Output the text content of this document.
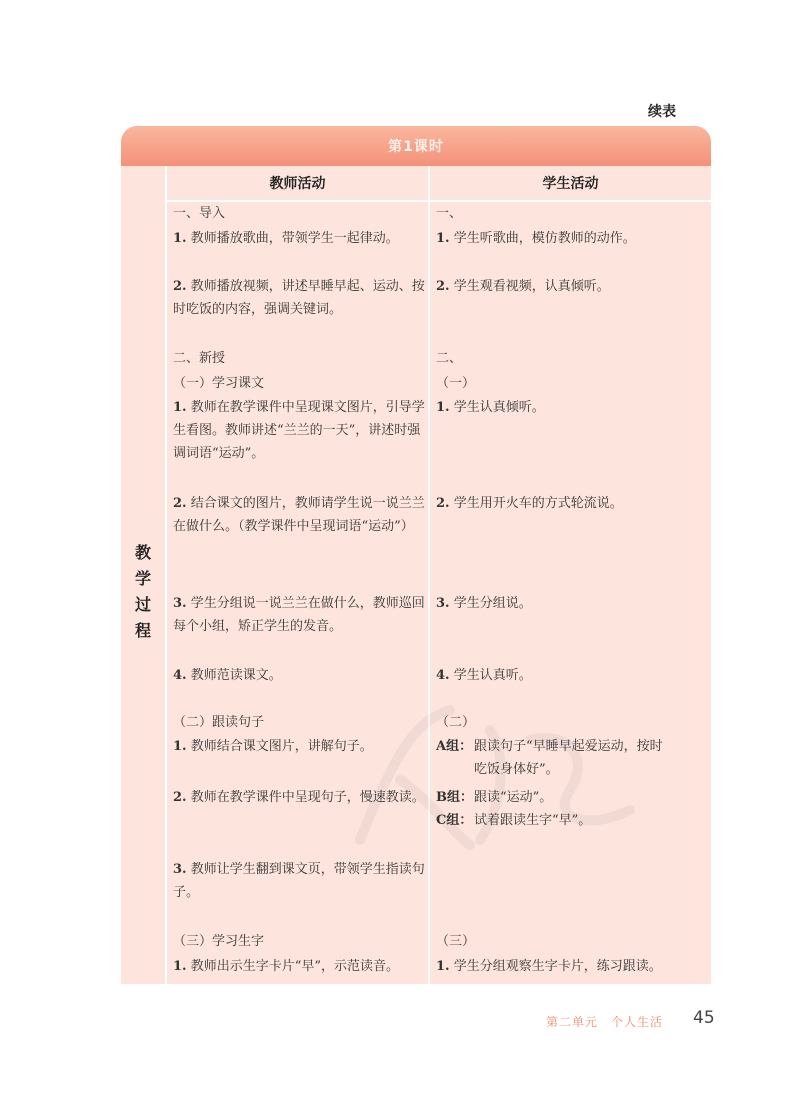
续表
第1课时
教师活动	学生活动
教
学
过
程
一、导入
1. 教师播放歌曲，带领学生一起律动。
2. 教师播放视频，讲述早睡早起、运动、按时吃饭的内容，强调关键词。
二、新授
（一）学习课文
1. 教师在教学课件中呈现课文图片，引导学生看图。教师讲述“兰兰的一天”，讲述时强调词语“运动”。
2. 结合课文的图片，教师请学生说一说兰兰在做什么。（教学课件中呈现词语“运动”）
3. 学生分组说一说兰兰在做什么，教师巡回每个小组，矫正学生的发音。
4. 教师范读课文。
（二）跟读句子
1. 教师结合课文图片，讲解句子。
2. 教师在教学课件中呈现句子，慢速教读。
3. 教师让学生翻到课文页，带领学生指读句子。
（三）学习生字
1. 教师出示生字卡片“早”，示范读音。
一、
1. 学生听歌曲，模仿教师的动作。
2. 学生观看视频，认真倾听。
二、
（一）
1. 学生认真倾听。
2. 学生用开火车的方式轮流说。
3. 学生分组说。
4. 学生认真听。
（二）
A组： 跟读句子“早睡早起爱运动，按时
吃饭身体好”。
B组：跟读“运动”。
C组： 试着跟读生字“早”。
（三）
1. 学生分组观察生字卡片，练习跟读。
第二单元　个人生活 45
